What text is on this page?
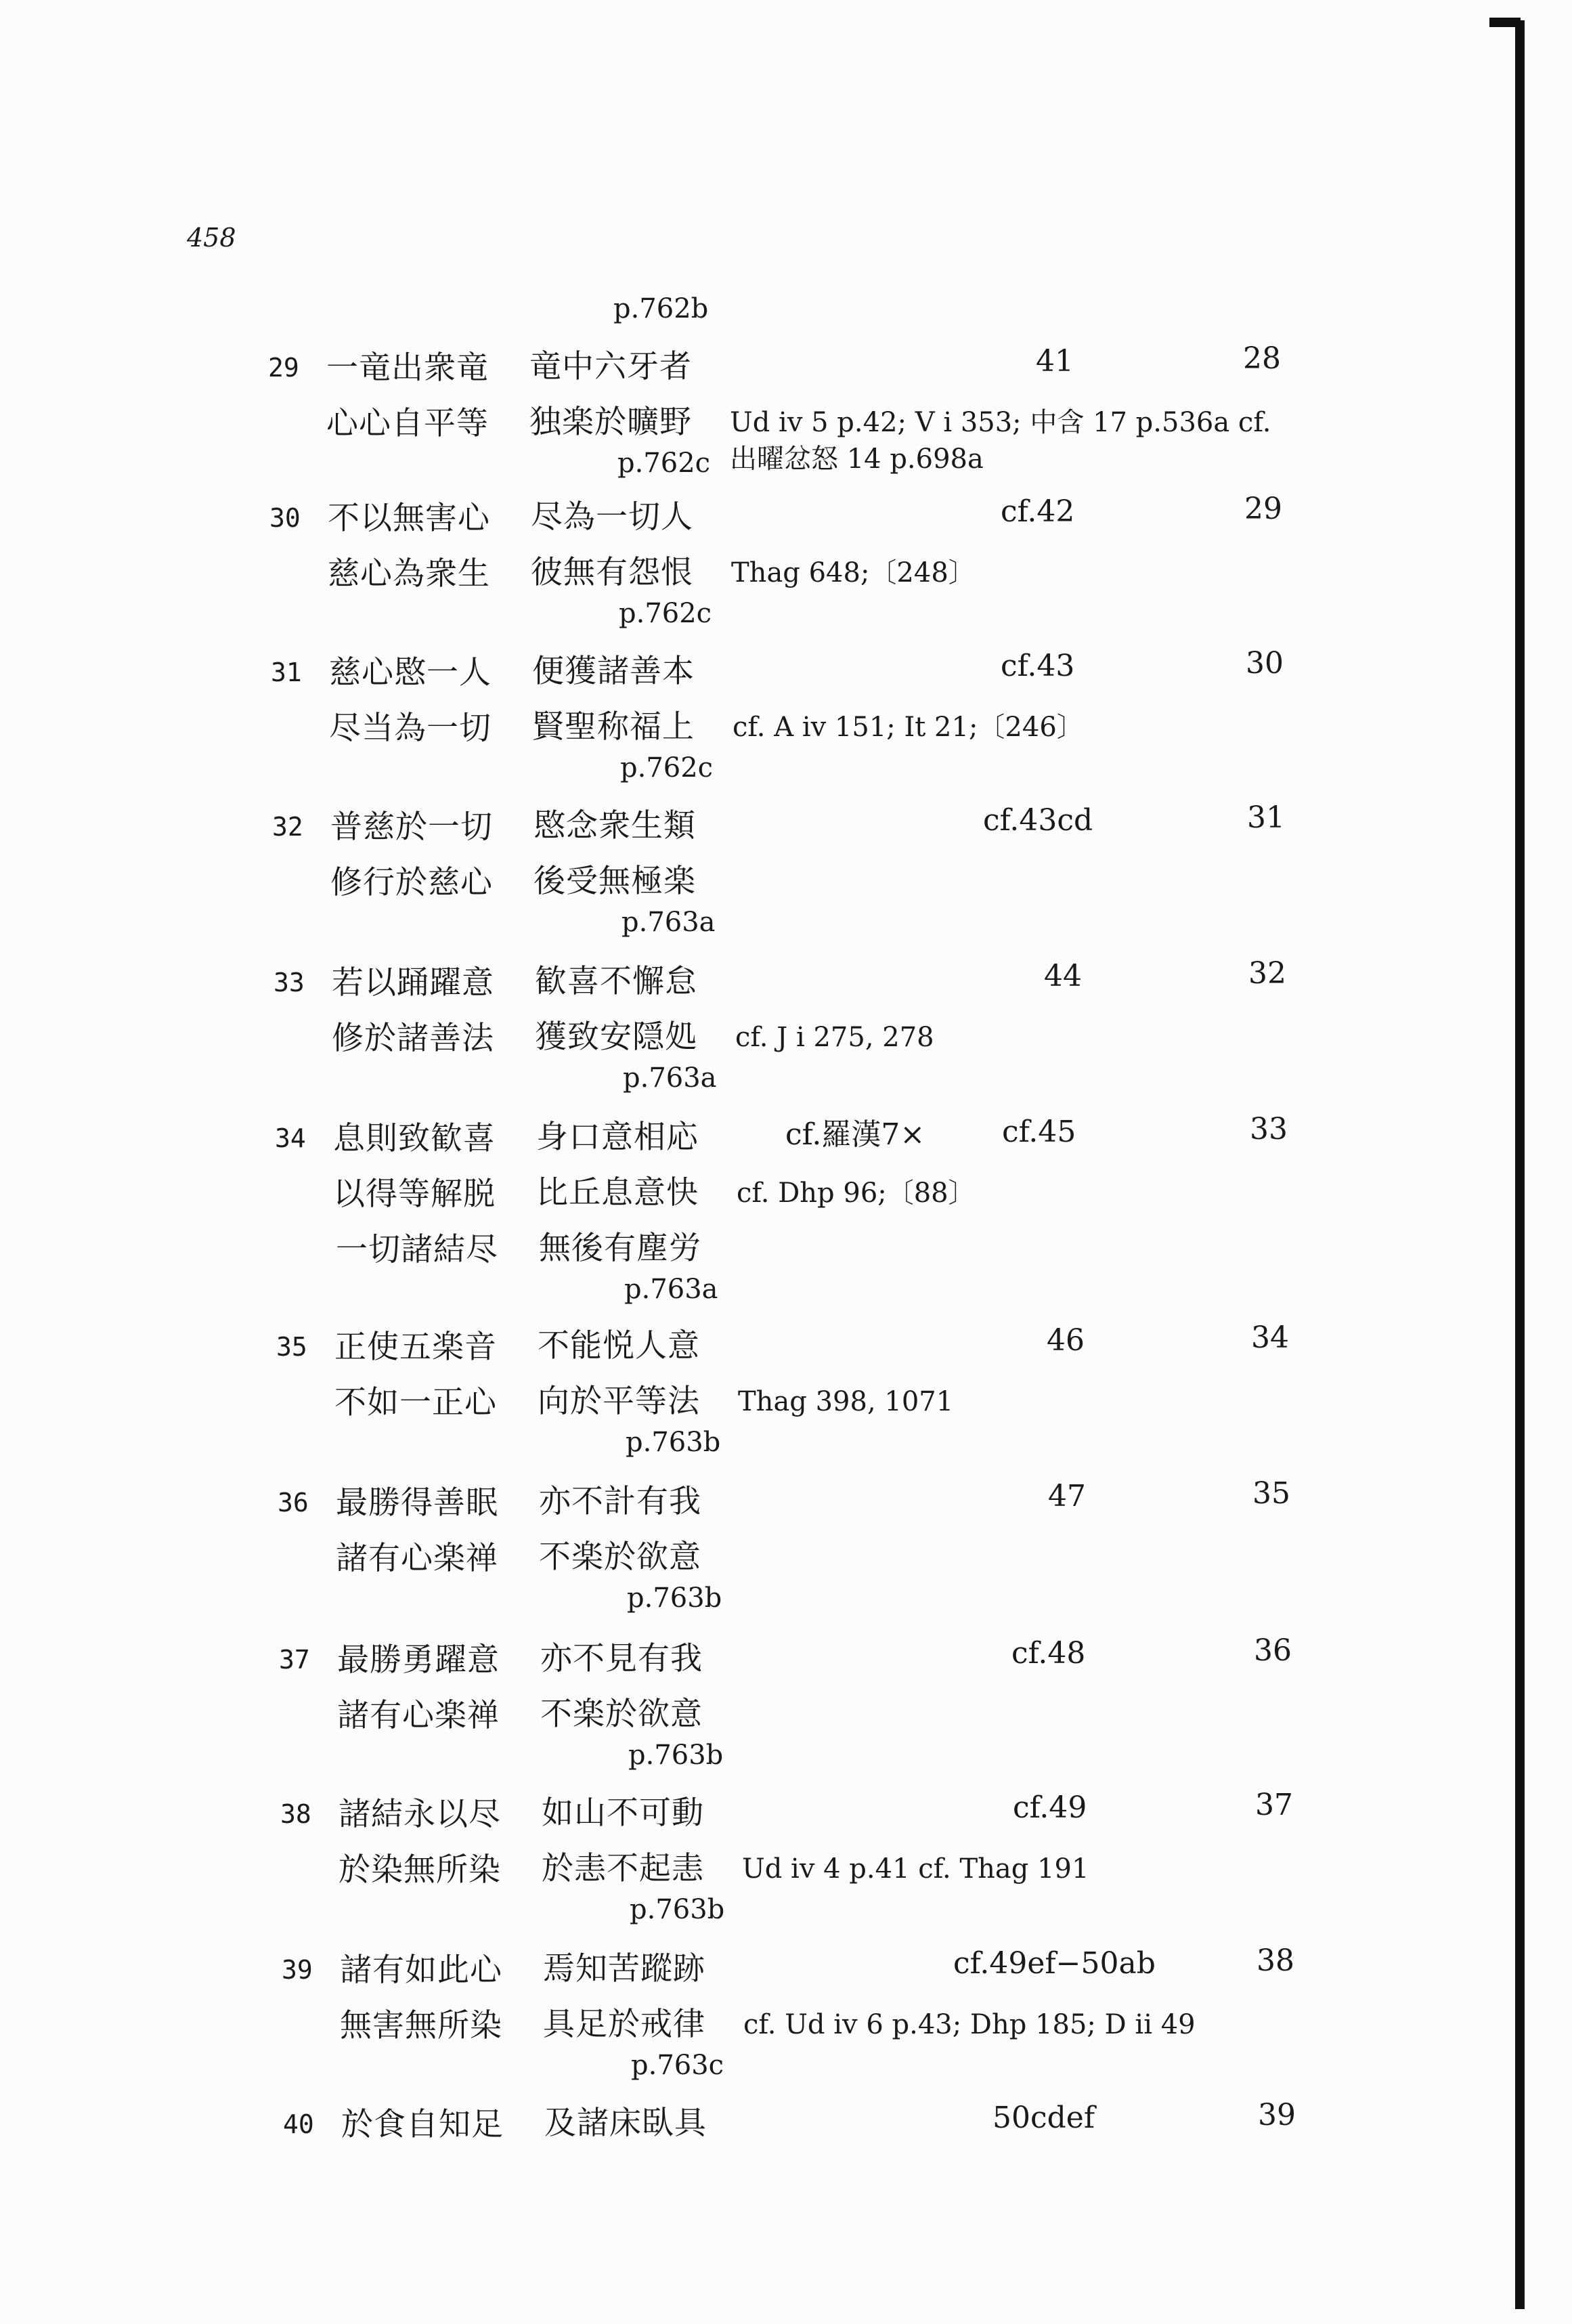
458
p.762b
29 一竜出衆竜 竜中六牙者	41	28
心心自平等 独楽於曠野 Ud iv 5 p.42; V i 353; 中含 17 p.536a cf.
出曜忿怒 14 p.698a
p.762c
30 不以無害心 尽為一切人	cf.42	29
慈心為衆生 彼無有怨恨 Thag 648;〔248〕
p.762c
31 慈心愍一人 便獲諸善本	cf.43	30
尽当為一切 賢聖称福上 cf. A iv 151; It 21;〔246〕
p.762c
32 普慈於一切 愍念衆生類	cf.43cd	31
修行於慈心 後受無極楽
p.763a
33 若以踊躍意 歓喜不懈怠	44	32
修於諸善法 獲致安隠処 cf. J i 275, 278
p.763a
34 息則致歓喜 身口意相応	cf.羅漢7×	cf.45	33
以得等解脱 比丘息意快 cf. Dhp 96;〔88〕
一切諸結尽 無後有塵労
p.763a
35 正使五楽音 不能悦人意	46	34
不如一正心 向於平等法 Thag 398, 1071
p.763b
36 最勝得善眠 亦不計有我	47	35
諸有心楽禅 不楽於欲意
p.763b
37 最勝勇躍意 亦不見有我	cf.48	36
諸有心楽禅 不楽於欲意
p.763b
38 諸結永以尽 如山不可動	cf.49	37
於染無所染 於恚不起恚 Ud iv 4 p.41 cf. Thag 191
p.763b
39 諸有如此心 焉知苦蹤跡	cf.49ef−50ab	38
無害無所染 具足於戒律 cf. Ud iv 6 p.43; Dhp 185; D ii 49
p.763c
40 於食自知足 及諸床臥具	50cdef	39
